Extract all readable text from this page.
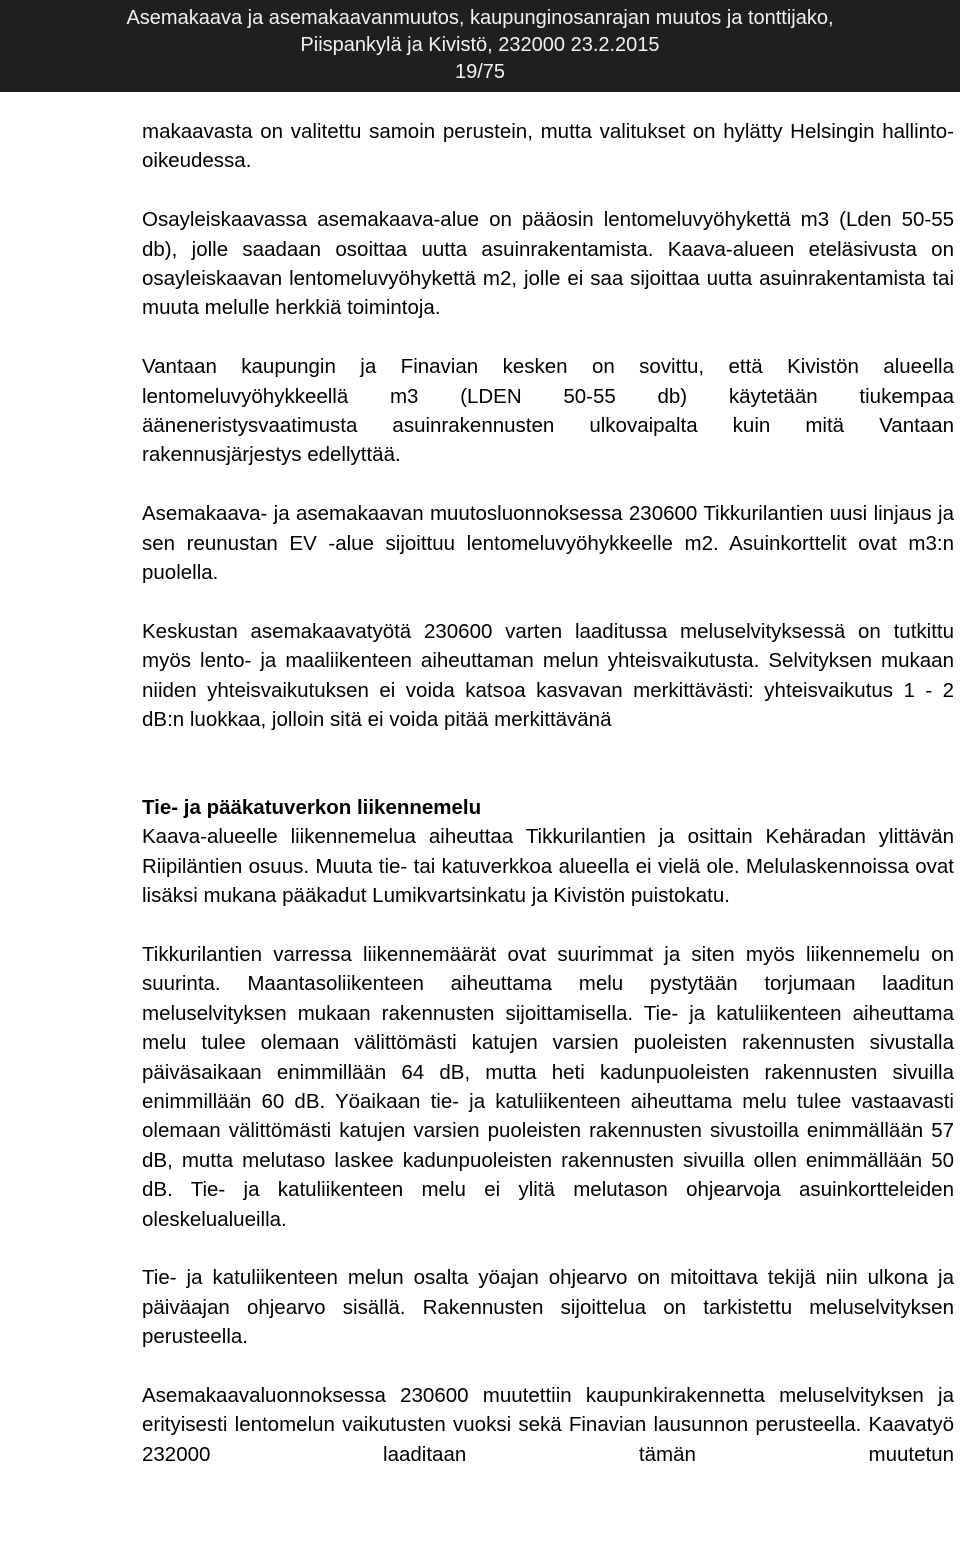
Asemakaava ja asemakaavanmuutos, kaupunginosanrajan muutos ja tonttijako,
Piispankylä ja Kivistö, 232000 23.2.2015
19/75

makaavasta on valitettu samoin perustein, mutta valitukset on hylätty Helsingin hallinto-oikeudessa.

Osayleiskaavassa asemakaava-alue on pääosin lentomeluvyöhykettä m3 (Lden 50-55 db), jolle saadaan osoittaa uutta asuinrakentamista. Kaava-alueen eteläsivusta on osayleiskaavan lentomeluvyöhykettä m2, jolle ei saa sijoittaa uutta asuinrakentamista tai muuta melulle herkkiä toimintoja.

Vantaan kaupungin ja Finavian kesken on sovittu, että Kivistön alueella lentomeluvyöhykkeellä m3 (LDEN 50-55 db) käytetään tiukempaa ääneneristysvaatimusta asuinrakennusten ulkovaipalta kuin mitä Vantaan rakennusjärjestys edellyttää.

Asemakaava- ja asemakaavan muutosluonnoksessa 230600 Tikkurilantien uusi linjaus ja sen reunustan EV -alue sijoittuu lentomeluvyöhykkeelle m2. Asuinkorttelit ovat m3:n puolella.

Keskustan asemakaavatyötä 230600 varten laaditussa meluselvityksessä on tutkittu myös lento- ja maaliikenteen aiheuttaman melun yhteisvaikutusta. Selvityksen mukaan niiden yhteisvaikutuksen ei voida katsoa kasvavan merkittävästi: yhteisvaikutus 1 - 2 dB:n luokkaa, jolloin sitä ei voida pitää merkittävänä

Tie- ja pääkatuverkon liikennemelu

Kaava-alueelle liikennemelua aiheuttaa Tikkurilantien ja osittain Kehäradan ylittävän Riipiläntien osuus. Muuta tie- tai katuverkkoa alueella ei vielä ole. Melulaskennoissa ovat lisäksi mukana pääkadut Lumikvartsinkatu ja Kivistön puistokatu.

Tikkurilantien varressa liikennemäärät ovat suurimmat ja siten myös liikennemelu on suurinta. Maantasoliikenteen aiheuttama melu pystytään torjumaan laaditun meluselvityksen mukaan rakennusten sijoittamisella. Tie- ja katuliikenteen aiheuttama melu tulee olemaan välittömästi katujen varsien puoleisten rakennusten sivustalla päiväsaikaan enimmillään 64 dB, mutta heti kadunpuoleisten rakennusten sivuilla enimmillään 60 dB. Yöaikaan tie- ja katuliikenteen aiheuttama melu tulee vastaavasti olemaan välittömästi katujen varsien puoleisten rakennusten sivustoilla enimmällään 57 dB, mutta melutaso laskee kadunpuoleisten rakennusten sivuilla ollen enimmällään 50 dB. Tie- ja katuliikenteen melu ei ylitä melutason ohjearvoja asuinkortteleiden oleskelualueilla.

Tie- ja katuliikenteen melun osalta yöajan ohjearvo on mitoittava tekijä niin ulkona ja päiväajan ohjearvo sisällä. Rakennusten sijoittelua on tarkistettu meluselvityksen perusteella.

Asemakaavaluonnoksessa 230600 muutettiin kaupunkirakennetta meluselvityksen ja erityisesti lentomelun vaikutusten vuoksi sekä Finavian lausunnon perusteella. Kaavatyö 232000 laaditaan tämän muutetun
